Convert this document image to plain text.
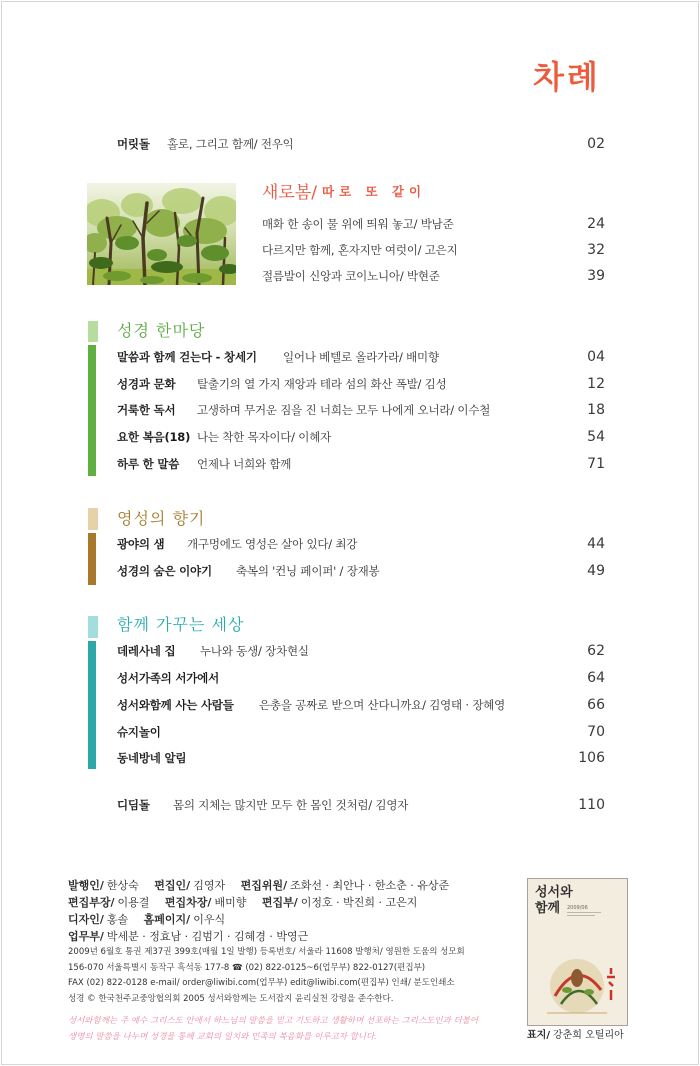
차례
머릿돌 홀로, 그리고 함께/ 전우익	02
새로봄/ 따로 또 같이
매화 한 송이 물 위에 띄워 놓고/ 박남준	24
다르지만 함께, 혼자지만 여럿이/ 고은지	32
절름발이 신앙과 코이노니아/ 박현준	39
성경 한마당
말씀과 함께 걷는다 - 창세기 일어나 베텔로 올라가라/ 배미향	04
성경과 문화 탈출기의 열 가지 재앙과 테라 섬의 화산 폭발/ 김성	12
거룩한 독서 고생하며 무거운 짐을 진 너희는 모두 나에게 오너라/ 이수철	18
요한 복음(18) 나는 착한 목자이다/ 이혜자	54
하루 한 말씀 언제나 너희와 함께	71
영성의 향기
광야의 샘 개구멍에도 영성은 살아 있다/ 최강	44
성경의 숨은 이야기 축복의 '컨닝 페이퍼' / 장재봉	49
함께 가꾸는 세상
데레사네 집 누나와 동생/ 장차현실	62
성서가족의 서가에서	64
성서와함께 사는 사람들 은총을 공짜로 받으며 산다니까요/ 김영태 · 장혜영	66
슈지놀이	70
동네방네 알림	106
디딤돌 몸의 지체는 많지만 모두 한 몸인 것처럼/ 김영자	110
발행인/ 한상숙 편집인/ 김영자 편집위원/ 조화선 · 최안나 · 한소춘 · 유상준
편집부장/ 이용결 편집차장/ 배미향 편집부/ 이정호 · 박진희 · 고은지
디자인/ 홍솔 홈페이지/ 이우식
업무부/ 박세분 · 정효남 · 김범기 · 김혜경 · 박영근
2009년 6월호 통권 제37권 399호(매월 1일 발행) 등록번호/ 서울라 11608 발행처/ 영원한 도움의 성모회
156-070 서울특별시 동작구 흑석동 177-8 ☎ (02) 822-0125~6(업무부) 822-0127(편집부)
FAX (02) 822-0128 e-mail/ order@liwibi.com(업무부) edit@liwibi.com(편집부) 인쇄/ 분도인쇄소
성경 © 한국천주교중앙협의회 2005 성서와함께는 도서잡지 윤리실천 강령을 준수한다.
성서와함께는 주 예수 그리스도 안에서 하느님의 말씀을 믿고 기도하고 생활하며 선포하는 그리스도인과 더불어
생명의 말씀을 나누며 성경을 통해 교회의 일치와 민족의 복음화를 이루고자 합니다.
성서와
함께 2009/06
표지/ 강춘희 오틸리아
